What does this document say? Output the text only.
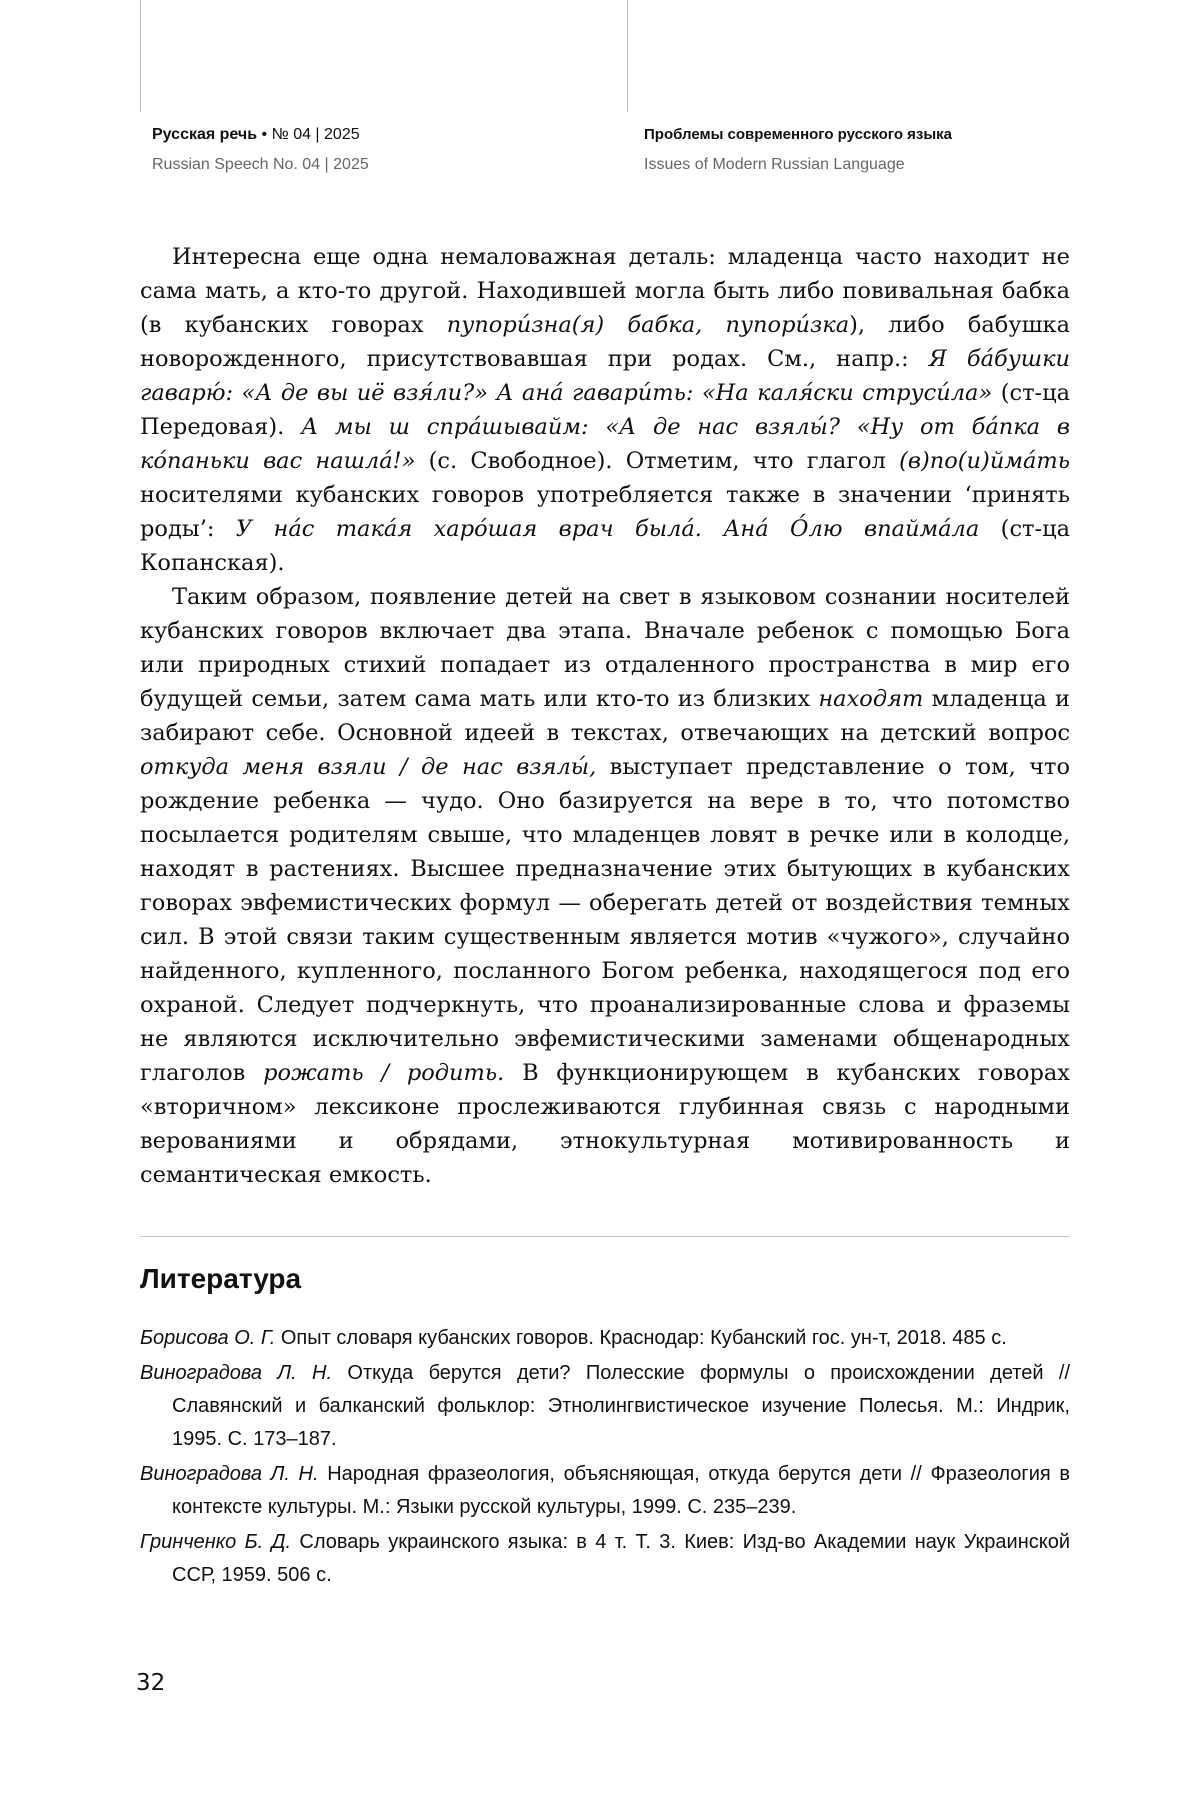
Русская речь • № 04 | 2025
Russian Speech No. 04 | 2025
Проблемы современного русского языка
Issues of Modern Russian Language

Интересна еще одна немаловажная деталь: младенца часто находит не сама мать, а кто-то другой. Находившей могла быть либо повивальная бабка (в кубанских говорах пупори́зна(я) бабка, пупори́зка), либо бабушка новорожденного, присутствовавшая при родах. См., напр.: Я ба́бушки гаваpю́: «А де вы иё взя́ли?» А ана́ гавари́ть: «На каля́ски струси́ла» (ст-ца Передовая). А мы ш спра́шывайм: «А де нас взялы́? «Ну от ба́пка в ко́паньки вас нашла́!» (с. Свободное). Отметим, что глагол (в)по(и)йма́ть носителями кубанских говоров употребляется также в значении ‘принять роды’: У на́с така́я харо́шая врач была́. Ана́ О́лю впайма́ла (ст-ца Копанская).

Таким образом, появление детей на свет в языковом сознании носителей кубанских говоров включает два этапа. Вначале ребенок с помощью Бога или природных стихий попадает из отдаленного пространства в мир его будущей семьи, затем сама мать или кто-то из близких находят младенца и забирают себе. Основной идеей в текстах, отвечающих на детский вопрос откуда меня взяли / де нас взялы́, выступает представление о том, что рождение ребенка — чудо. Оно базируется на вере в то, что потомство посылается родителям свыше, что младенцев ловят в речке или в колодце, находят в растениях. Высшее предназначение этих бытующих в кубанских говорах эвфемистических формул — оберегать детей от воздействия темных сил. В этой связи таким существенным является мотив «чужого», случайно найденного, купленного, посланного Богом ребенка, находящегося под его охраной. Следует подчеркнуть, что проанализированные слова и фраземы не являются исключительно эвфемистическими заменами общенародных глаголов рожать / родить. В функционирующем в кубанских говорах «вторичном» лексиконе прослеживаются глубинная связь с народными верованиями и обрядами, этнокультурная мотивированность и семантическая емкость.

Литература
Борисова О. Г. Опыт словаря кубанских говоров. Краснодар: Кубанский гос. ун-т, 2018. 485 с.
Виноградова Л. Н. Откуда берутся дети? Полесские формулы о происхождении детей // Славянский и балканский фольклор: Этнолингвистическое изучение Полесья. М.: Индрик, 1995. С. 173–187.
Виноградова Л. Н. Народная фразеология, объясняющая, откуда берутся дети // Фразеология в контексте культуры. М.: Языки русской культуры, 1999. С. 235–239.
Гринченко Б. Д. Словарь украинского языка: в 4 т. Т. 3. Киев: Изд-во Академии наук Украинской ССР, 1959. 506 с.
32
